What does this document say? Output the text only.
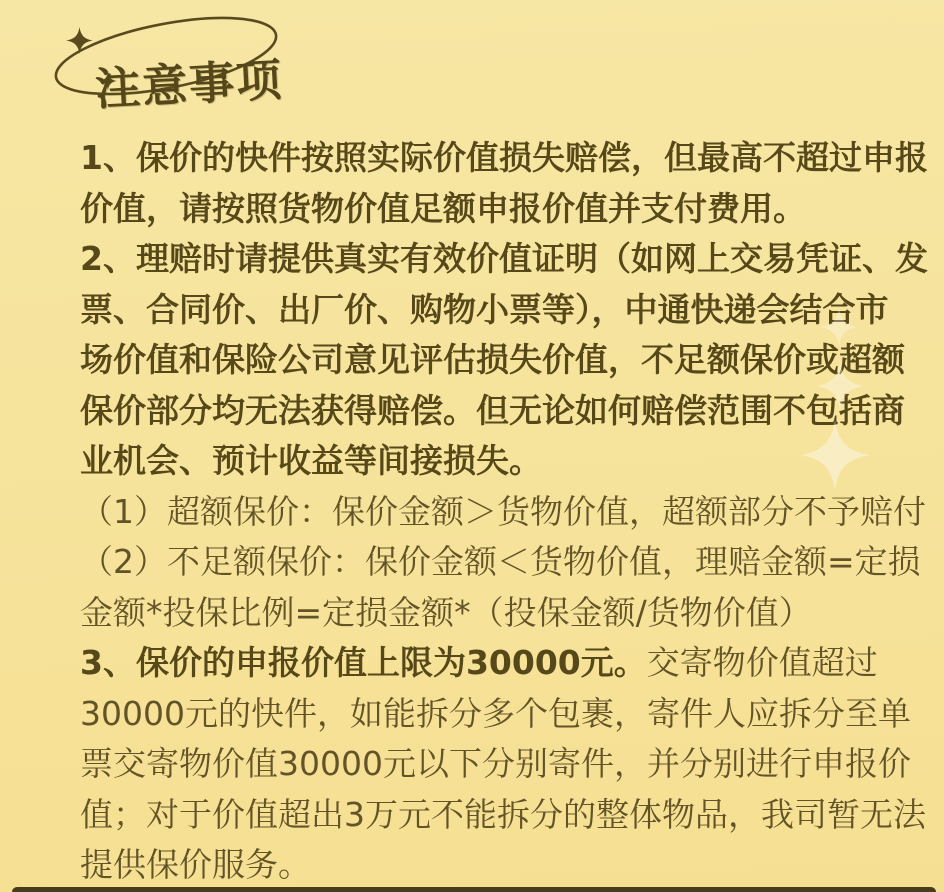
注意事项

1、保价的快件按照实际价值损失赔偿，但最高不超过申报

价值，请按照货物价值足额申报价值并支付费用。

2、理赔时请提供真实有效价值证明（如网上交易凭证、发

票、合同价、出厂价、购物小票等），中通快递会结合市

场价值和保险公司意见评估损失价值，不足额保价或超额

保价部分均无法获得赔偿。但无论如何赔偿范围不包括商

业机会、预计收益等间接损失。

（1）超额保价：保价金额＞货物价值，超额部分不予赔付

（2）不足额保价：保价金额＜货物价值，理赔金额=定损

金额*投保比例=定损金额*（投保金额/货物价值）

3、保价的申报价值上限为30000元。交寄物价值超过

30000元的快件，如能拆分多个包裹，寄件人应拆分至单

票交寄物价值30000元以下分别寄件，并分别进行申报价

值；对于价值超出3万元不能拆分的整体物品，我司暂无法

提供保价服务。
